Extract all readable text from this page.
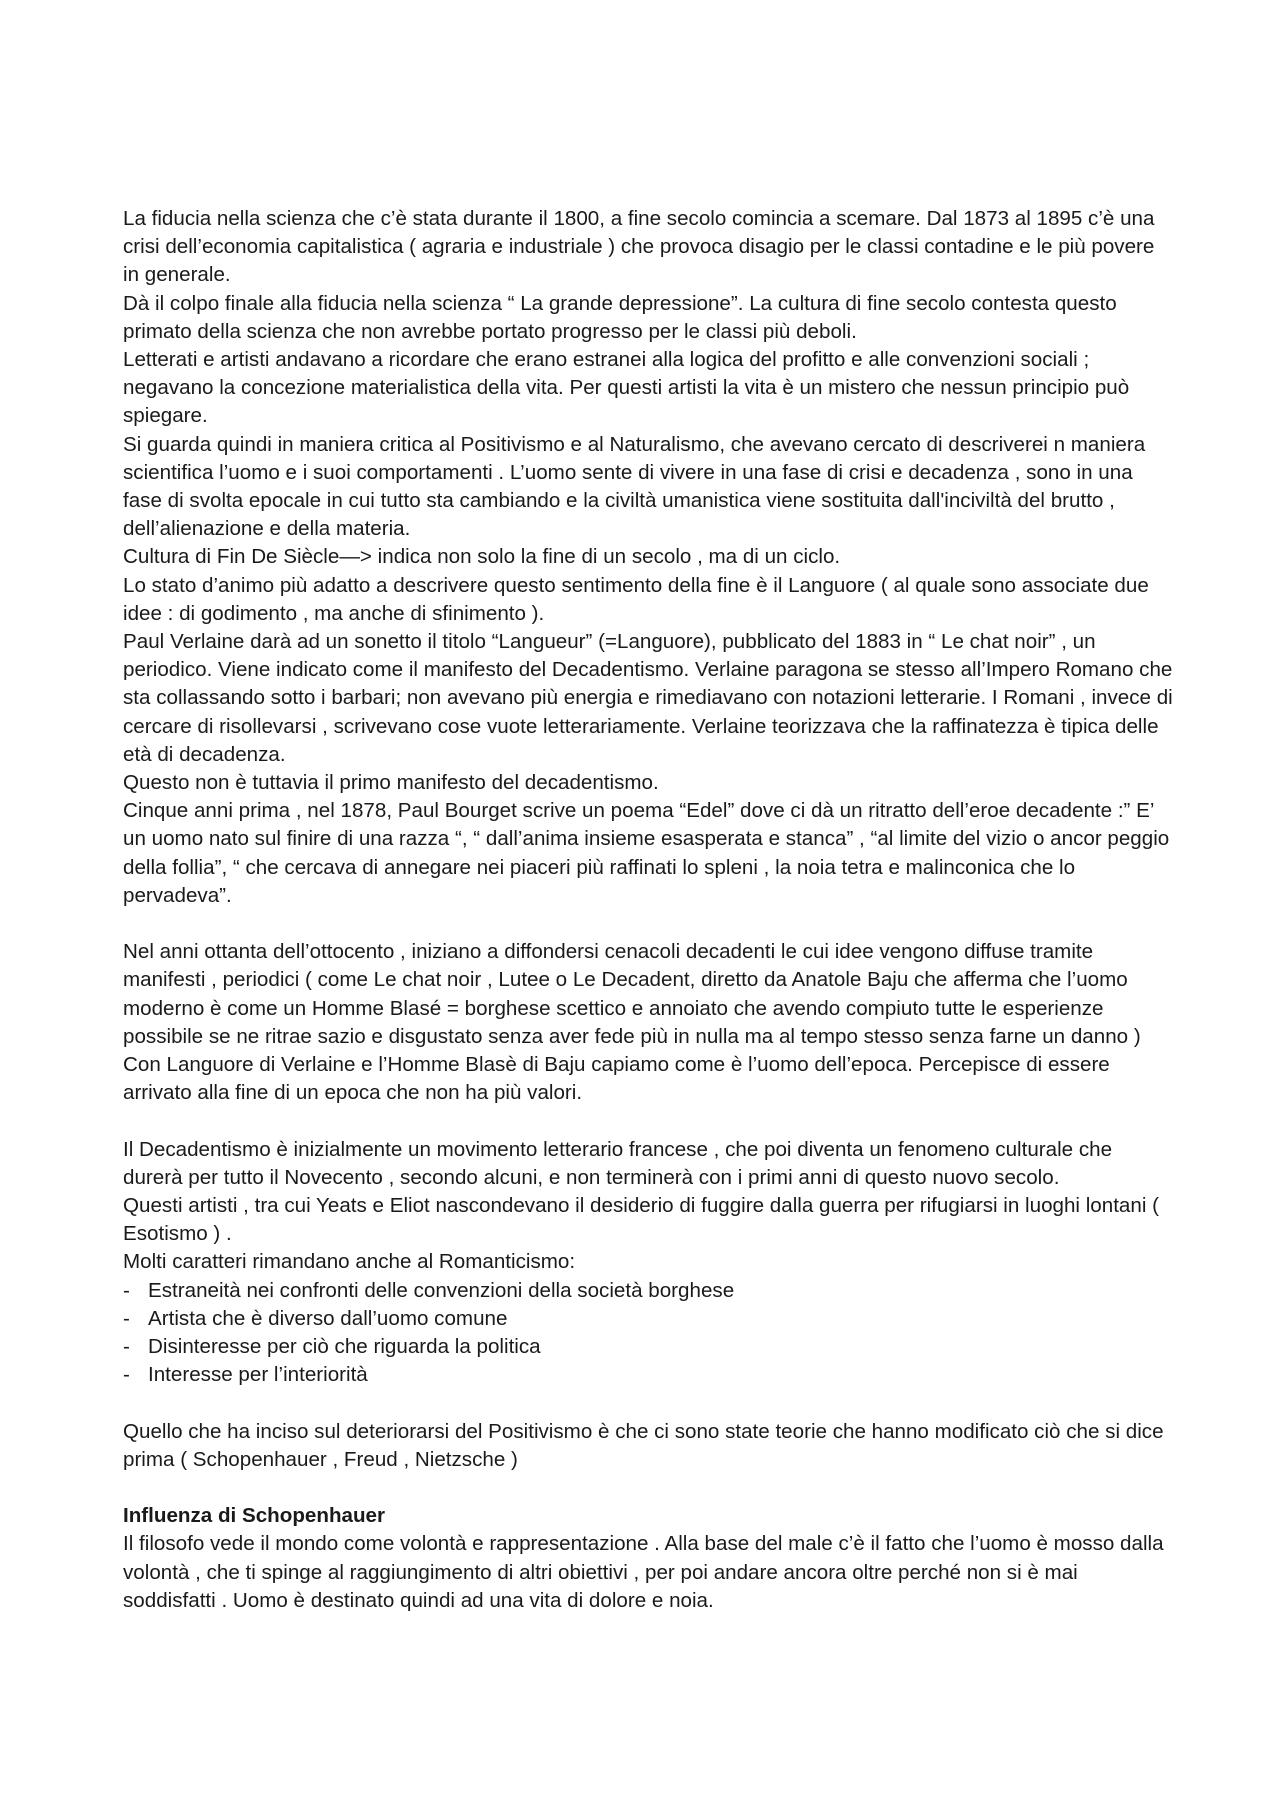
La fiducia nella scienza che c’è stata durante il 1800, a fine secolo comincia a scemare. Dal 1873 al 1895 c’è una crisi dell’economia capitalistica ( agraria e industriale ) che provoca disagio per le classi contadine e le più povere in generale.

Dà il colpo finale alla fiducia nella scienza “ La grande depressione”. La cultura di fine secolo contesta questo primato della scienza che non avrebbe portato progresso per le classi più deboli.

Letterati e artisti andavano a ricordare che erano estranei alla logica del profitto e alle convenzioni sociali ; negavano la concezione materialistica della vita. Per questi artisti la vita è un mistero che nessun principio può spiegare.

Si guarda quindi in maniera critica al Positivismo e al Naturalismo, che avevano cercato di descriverei n maniera scientifica l’uomo e i suoi comportamenti . L’uomo sente di vivere in una fase di crisi e decadenza , sono in una fase di svolta epocale in cui tutto sta cambiando e la civiltà umanistica viene sostituita dall'inciviltà del brutto , dell’alienazione e della materia.

Cultura di Fin De Siècle—> indica non solo la fine di un secolo , ma di un ciclo.

Lo stato d’animo più adatto a descrivere questo sentimento della fine è il Languore ( al quale sono associate due idee : di godimento , ma anche di sfinimento ).

Paul Verlaine darà ad un sonetto il titolo “Langueur” (=Languore), pubblicato del 1883 in “ Le chat noir” , un periodico. Viene indicato come il manifesto del Decadentismo. Verlaine paragona se stesso all’Impero Romano che sta collassando sotto i barbari; non avevano più energia e rimediavano con notazioni letterarie. I Romani , invece di cercare di risollevarsi , scrivevano cose vuote letterariamente. Verlaine teorizzava che la raffinatezza è tipica delle età di decadenza.

Questo non è tuttavia il primo manifesto del decadentismo.

Cinque anni prima , nel 1878, Paul Bourget scrive un poema “Edel” dove ci dà un ritratto dell’eroe decadente :” E’ un uomo nato sul finire di una razza “, “ dall’anima insieme esasperata e stanca” , “al limite del vizio o ancor peggio della follia”, “ che cercava di annegare nei piaceri più raffinati lo spleni , la noia tetra e malinconica che lo pervadeva”.

Nel anni ottanta dell’ottocento , iniziano a diffondersi cenacoli decadenti le cui idee vengono diffuse tramite manifesti , periodici ( come Le chat noir , Lutee o Le Decadent, diretto da Anatole Baju che afferma che l’uomo moderno è come un Homme Blasé = borghese scettico e annoiato che avendo compiuto tutte le esperienze possibile se ne ritrae sazio e disgustato senza aver fede più in nulla ma al tempo stesso senza farne un danno )

Con Languore di Verlaine e l’Homme Blasè di Baju capiamo come è l’uomo dell’epoca. Percepisce di essere arrivato alla fine di un epoca che non ha più valori.

Il Decadentismo è inizialmente un movimento letterario francese , che poi diventa un fenomeno culturale che durerà per tutto il Novecento , secondo alcuni, e non terminerà con i primi anni di questo nuovo secolo.

Questi artisti , tra cui Yeats e Eliot nascondevano il desiderio di fuggire dalla guerra per rifugiarsi in luoghi lontani ( Esotismo ) .

Molti caratteri rimandano anche al Romanticismo:

- Estraneità nei confronti delle convenzioni della società borghese
- Artista che è diverso dall’uomo comune
- Disinteresse per ciò che riguarda la politica
- Interesse per l’interiorità

Quello che ha inciso sul deteriorarsi del Positivismo è che ci sono state teorie che hanno modificato ciò che si dice prima ( Schopenhauer , Freud , Nietzsche )

Influenza di Schopenhauer

Il filosofo vede il mondo come volontà e rappresentazione . Alla base del male c’è il fatto che l’uomo è mosso dalla volontà , che ti spinge al raggiungimento di altri obiettivi , per poi andare ancora oltre perché non si è mai soddisfatti . Uomo è destinato quindi ad una vita di dolore e noia.
